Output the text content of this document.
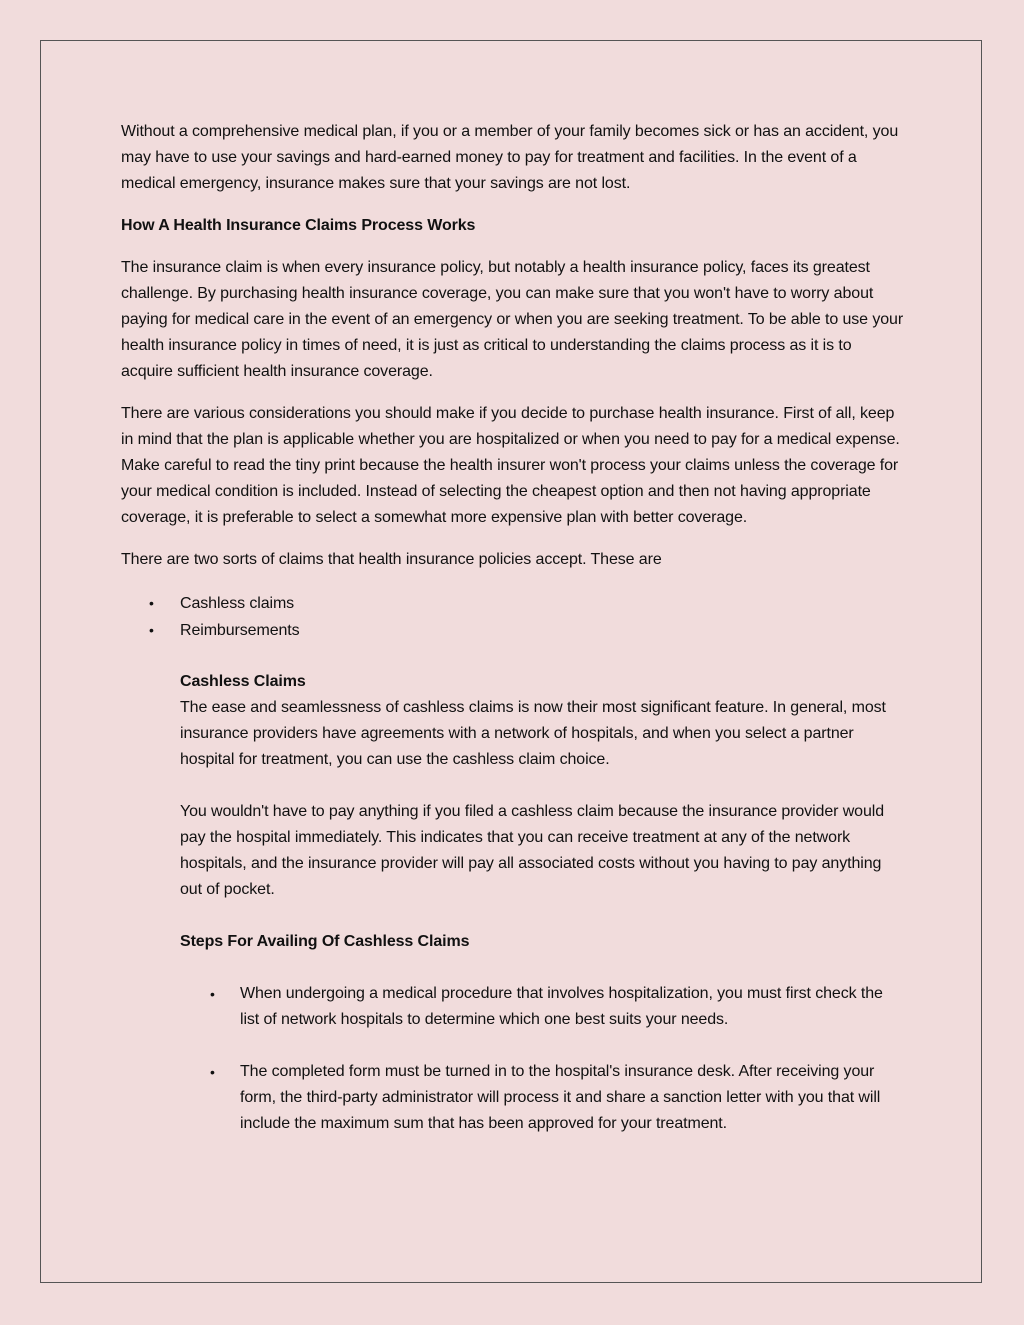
Without a comprehensive medical plan, if you or a member of your family becomes sick or has an accident, you may have to use your savings and hard-earned money to pay for treatment and facilities. In the event of a medical emergency, insurance makes sure that your savings are not lost.

How A Health Insurance Claims Process Works

The insurance claim is when every insurance policy, but notably a health insurance policy, faces its greatest challenge. By purchasing health insurance coverage, you can make sure that you won't have to worry about paying for medical care in the event of an emergency or when you are seeking treatment. To be able to use your health insurance policy in times of need, it is just as critical to understanding the claims process as it is to acquire sufficient health insurance coverage.

There are various considerations you should make if you decide to purchase health insurance. First of all, keep in mind that the plan is applicable whether you are hospitalized or when you need to pay for a medical expense. Make careful to read the tiny print because the health insurer won't process your claims unless the coverage for your medical condition is included. Instead of selecting the cheapest option and then not having appropriate coverage, it is preferable to select a somewhat more expensive plan with better coverage.

There are two sorts of claims that health insurance policies accept. These are

• Cashless claims
• Reimbursements

Cashless Claims

The ease and seamlessness of cashless claims is now their most significant feature. In general, most insurance providers have agreements with a network of hospitals, and when you select a partner hospital for treatment, you can use the cashless claim choice.

You wouldn't have to pay anything if you filed a cashless claim because the insurance provider would pay the hospital immediately. This indicates that you can receive treatment at any of the network hospitals, and the insurance provider will pay all associated costs without you having to pay anything out of pocket.

Steps For Availing Of Cashless Claims

• When undergoing a medical procedure that involves hospitalization, you must first check the list of network hospitals to determine which one best suits your needs.
• The completed form must be turned in to the hospital's insurance desk. After receiving your form, the third-party administrator will process it and share a sanction letter with you that will include the maximum sum that has been approved for your treatment.
